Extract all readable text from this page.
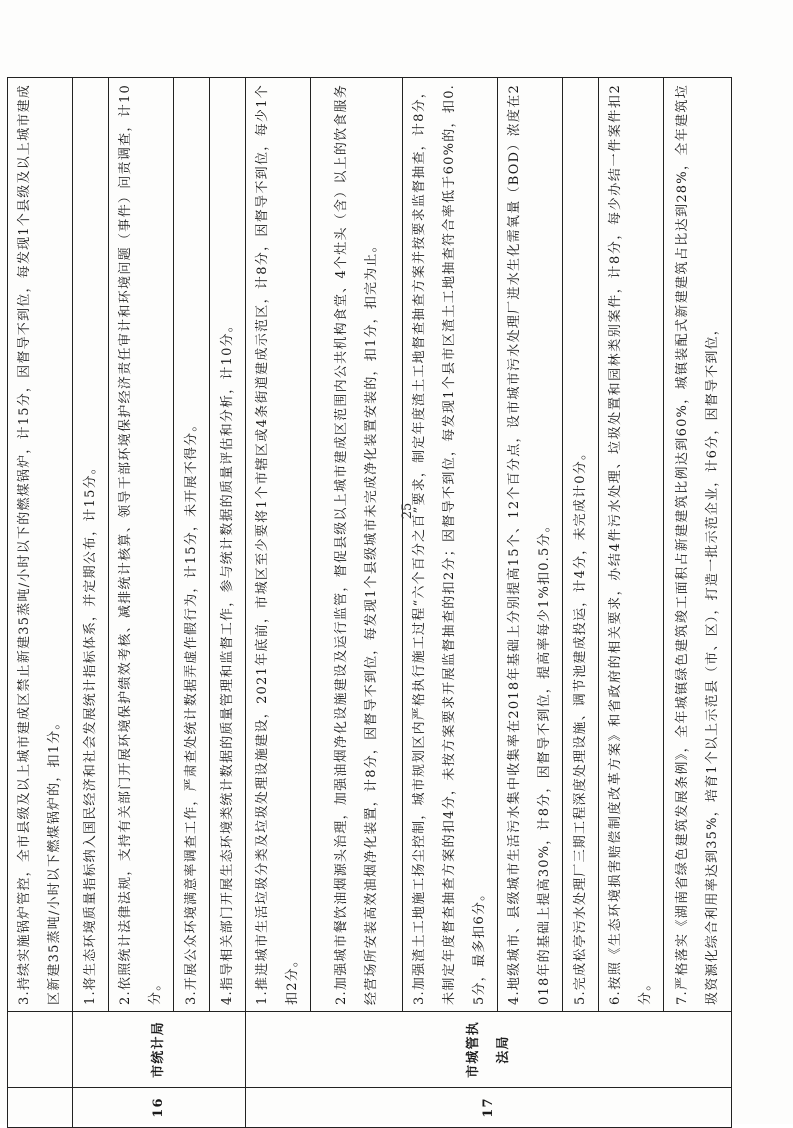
		3.持续实施锅炉管控，全市县级及以上城市建成区禁止新建35蒸吨/小时以下的燃煤锅炉，计15分，因督导不到位，每发现1个县级及以上城市建成区新建35蒸吨/小时以下燃煤锅炉的，扣1分。
16	市统计局	1.将生态环境质量指标纳入国民经济和社会发展统计指标体系，并定期公布，计15分。
		2.依照统计法律法规，支持有关部门开展环境保护绩效考核、减排统计核算、领导干部环境保护经济责任审计和环境问题（事件）问责调查，计10分。
		3.开展公众环境满意率调查工作，严肃查处统计数据弄虚作假行为，计15分，未开展不得分。
		4.指导相关部门开展生态环境类统计数据的质量管理和监督工作，参与统计数据的质量评估和分析，计10分。
17	市城管执法局	1.推进城市生活垃圾分类及垃圾处理设施建设，2021年底前，市城区至少要将1个市辖区或4条街道建成示范区，计8分，因督导不到位，每少1个扣2分。
		2.加强城市餐饮油烟源头治理，加强油烟净化设施建设及运行监管，督促县级以上城市建成区范围内公共机构食堂、4个灶头（含）以上的饮食服务经营场所安装高效油烟净化装置，计8分，因督导不到位，每发现1个县级城市未完成净化装置安装的，扣1分，扣完为止。
		3.加强渣土工地施工扬尘控制，城市规划区内严格执行施工过程“六个百分之百”要求，制定年度渣土工地督查抽查方案并按要求监督抽查，计8分，未制定年度督查抽查方案的扣4分，未按方案要求开展监督抽查的扣2分；因督导不到位，每发现1个县市区渣土工地抽查符合率低于60%的，扣0.5分，最多扣6分。
		4.地级城市、县级城市生活污水集中收集率在2018年基础上分别提高15个、12个百分点，设市城市污水处理厂进水生化需氧量（BOD）浓度在2018年的基础上提高30%，计8分，因督导不到位，提高率每少1%扣0.5分。
		5.完成松亭污水处理厂三期工程深度处理设施、调节池建成投运，计4分，未完成计0分。
		6.按照《生态环境损害赔偿制度改革方案》和省政府的相关要求，办结4件污水处理、垃圾处置和园林类别案件，计8分，每少办结一件案件扣2分。
		7.严格落实《湖南省绿色建筑发展条例》，全年城镇绿色建筑竣工面积占新建建筑比例达到60%，城镇装配式新建建筑占比达到28%，全年建筑垃圾资源化综合利用率达到35%，培育1个以上示范县（市、区），打造一批示范企业，计6分，因督导不到位，
25
